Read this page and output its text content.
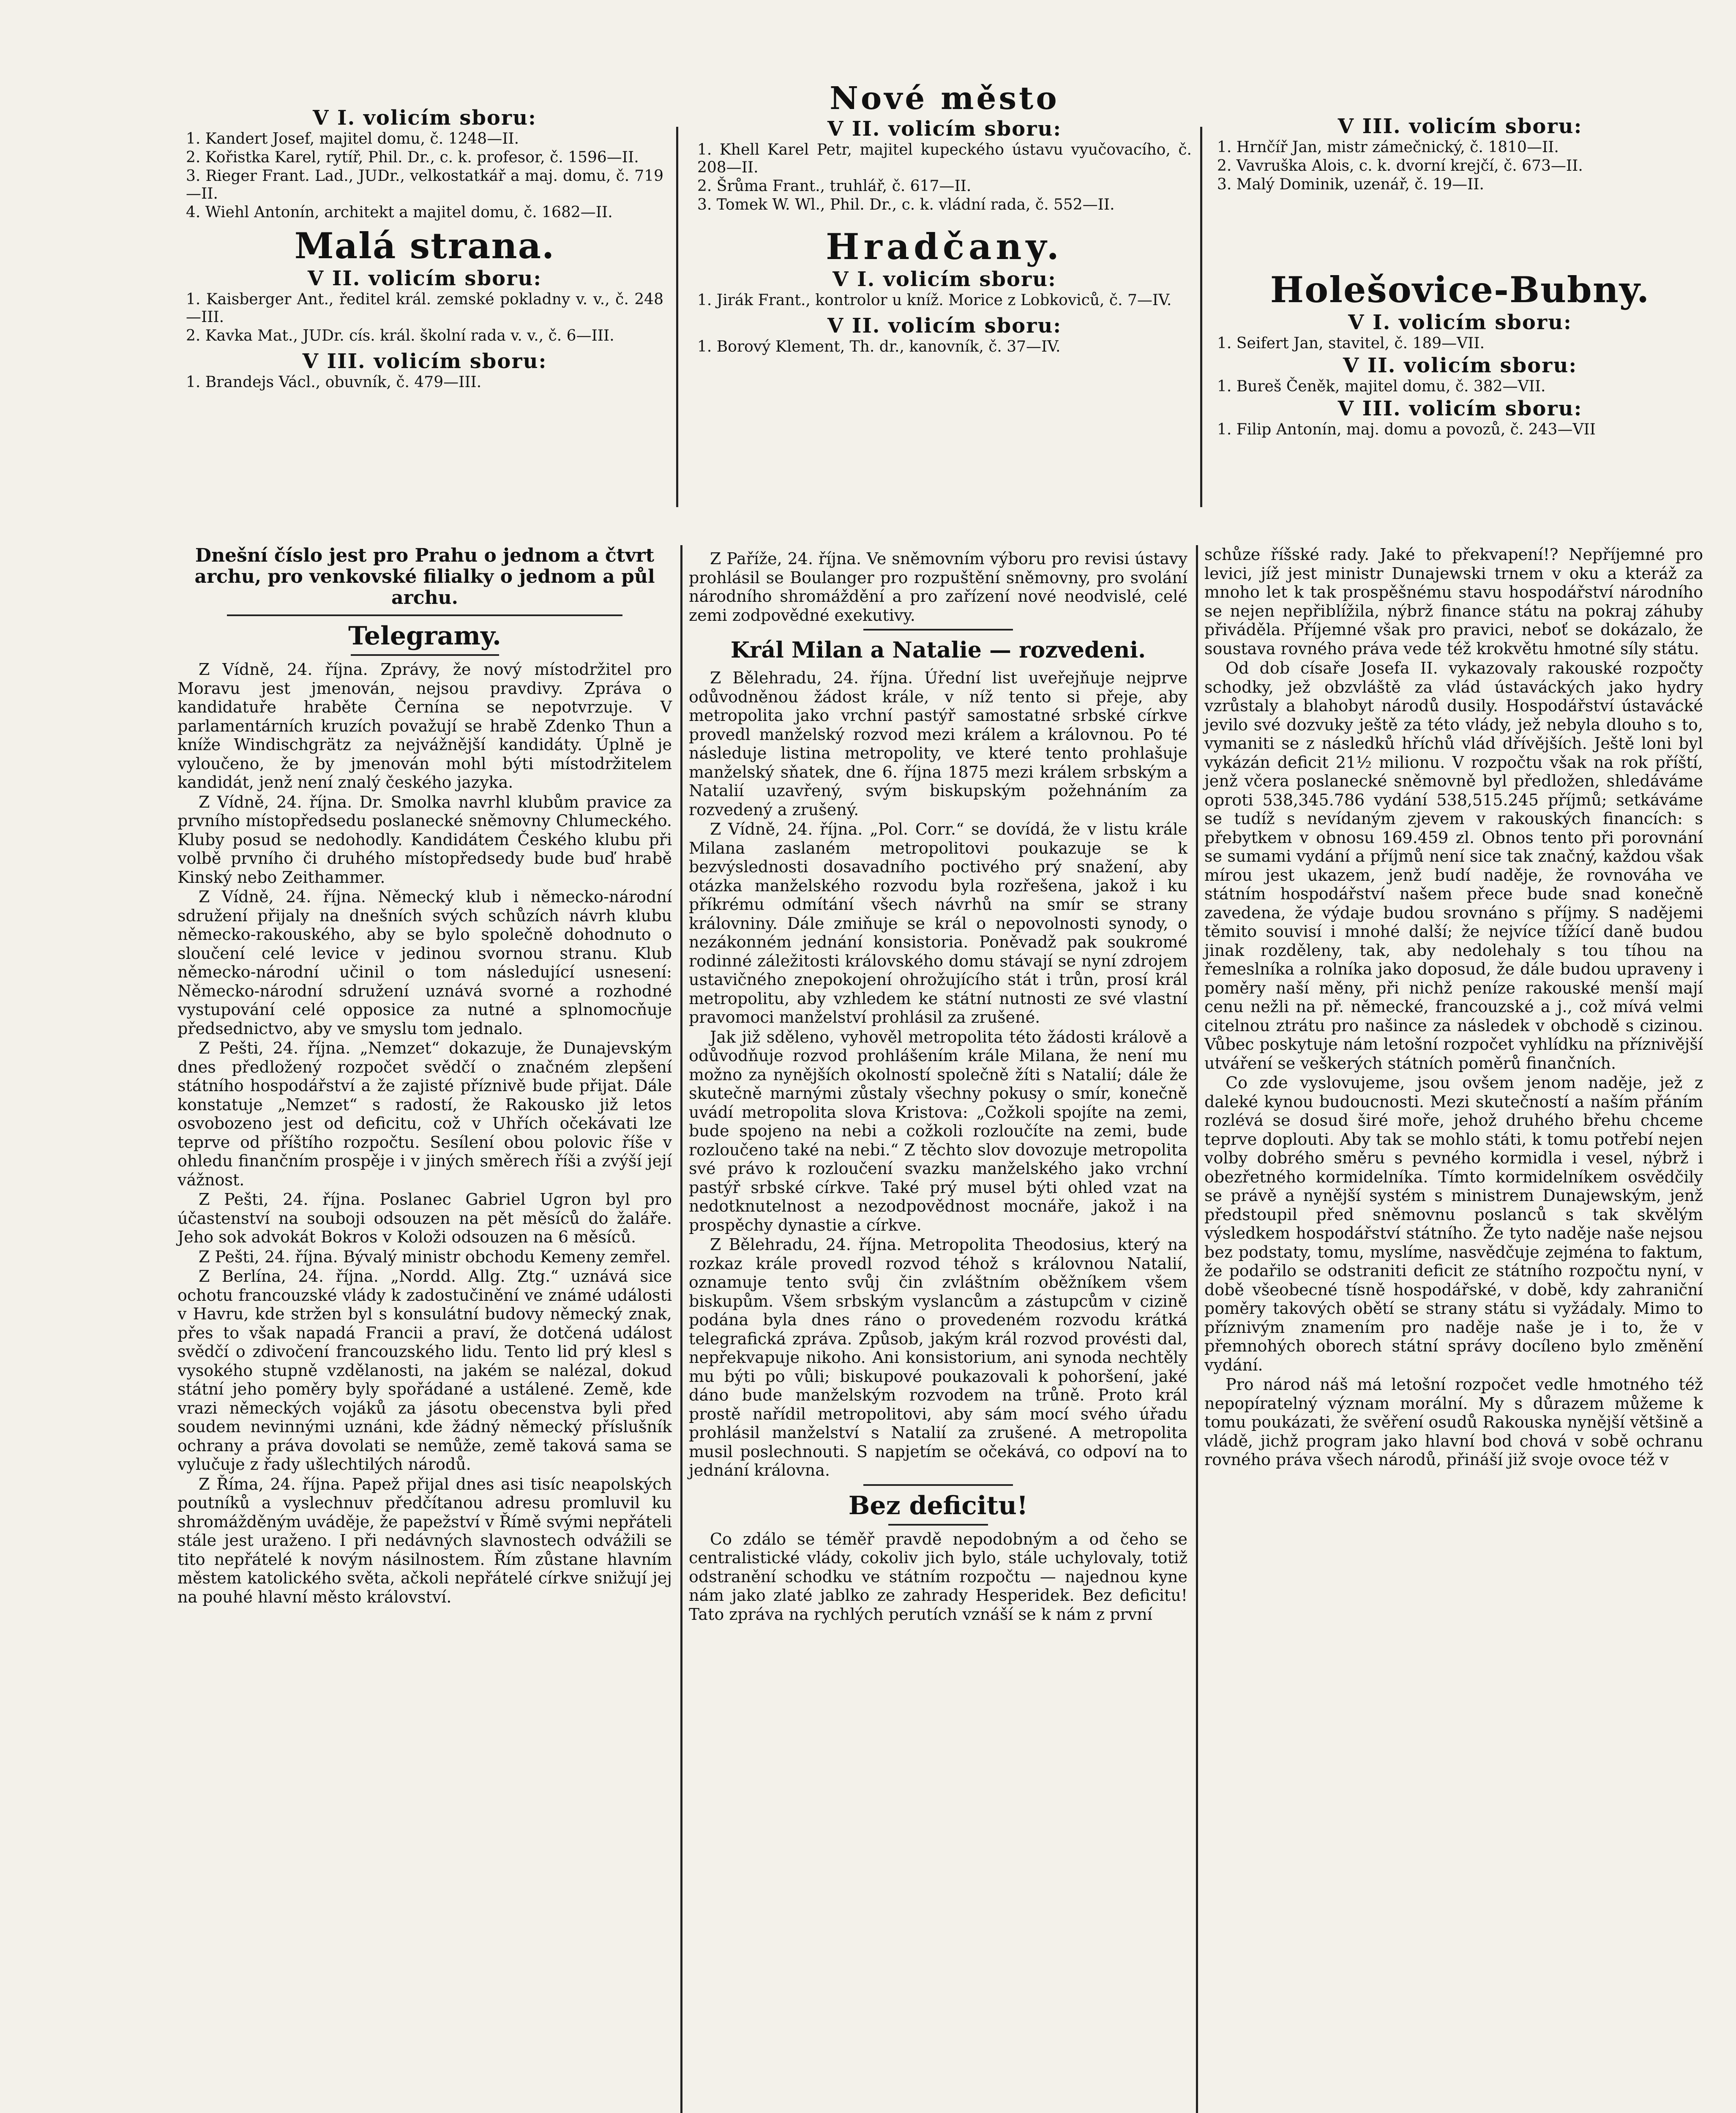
V I. volicím sboru:
1. Kandert Josef, majitel domu, č. 1248—II.
2. Kořistka Karel, rytíř, Phil. Dr., c. k. profesor, č. 1596—II.
3. Rieger Frant. Lad., JUDr., velkostatkář a maj. domu, č. 719—II.
4. Wiehl Antonín, architekt a majitel domu, č. 1682—II.
Malá strana.
V II. volicím sboru:
1. Kaisberger Ant., ředitel král. zemské pokladny v. v., č. 248—III.
2. Kavka Mat., JUDr. cís. král. školní rada v. v., č. 6—III.
V III. volicím sboru:
1. Brandejs Václ., obuvník, č. 479—III.
Nové město
V II. volicím sboru:
1. Khell Karel Petr, majitel kupeckého ústavu vyučovacího, č. 208—II.
2. Šrůma Frant., truhlář, č. 617—II.
3. Tomek W. Wl., Phil. Dr., c. k. vládní rada, č. 552—II.
Hradčany.
V I. volicím sboru:
1. Jirák Frant., kontrolor u kníž. Morice z Lobkoviců, č. 7—IV.
V II. volicím sboru:
1. Borový Klement, Th. dr., kanovník, č. 37—IV.
V III. volicím sboru:
1. Hrnčíř Jan, mistr zámečnický, č. 1810—II.
2. Vavruška Alois, c. k. dvorní krejčí, č. 673—II.
3. Malý Dominik, uzenář, č. 19—II.
Holešovice-Bubny.
V I. volicím sboru:
1. Seifert Jan, stavitel, č. 189—VII.
V II. volicím sboru:
1. Bureš Čeněk, majitel domu, č. 382—VII.
V III. volicím sboru:
1. Filip Antonín, maj. domu a povozů, č. 243—VII

Dnešní číslo jest pro Prahu o jednom a čtvrt archu, pro venkovské filialky o jednom a půl archu.

Telegramy.

Z Vídně, 24. října. Zprávy, že nový místodržitel pro Moravu jest jmenován, nejsou pravdivy. Zpráva o kandidatuře hraběte Černína se nepotvrzuje. V parlamentárních kruzích považují se hrabě Zdenko Thun a kníže Windischgrätz za nejvážnější kandidáty. Úplně je vyloučeno, že by jmenován mohl býti místodržitelem kandidát, jenž není znalý českého jazyka.

Z Vídně, 24. října. Dr. Smolka navrhl klubům pravice za prvního místopředsedu poslanecké sněmovny Chlumeckého. Kluby posud se nedohodly. Kandidátem Českého klubu při volbě prvního či druhého místopředsedy bude buď hrabě Kinský nebo Zeithammer.

Z Vídně, 24. října. Německý klub i německo-národní sdružení přijaly na dnešních svých schůzích návrh klubu německo-rakouského, aby se bylo společně dohodnuto o sloučení celé levice v jedinou svornou stranu. Klub německo-národní učinil o tom následující usnesení: Německo-národní sdružení uznává svorné a rozhodné vystupování celé opposice za nutné a splnomocňuje předsednictvo, aby ve smyslu tom jednalo.

Z Pešti, 24. října. „Nemzet“ dokazuje, že Dunajevským dnes předložený rozpočet svědčí o značném zlepšení státního hospodářství a že zajisté příznivě bude přijat. Dále konstatuje „Nemzet“ s radostí, že Rakousko již letos osvobozeno jest od deficitu, což v Uhřích očekávati lze teprve od příštího rozpočtu. Sesílení obou polovic říše v ohledu finančním prospěje i v jiných směrech říši a zvýší její vážnost.

Z Pešti, 24. října. Poslanec Gabriel Ugron byl pro účastenství na souboji odsouzen na pět měsíců do žaláře. Jeho sok advokát Bokros v Koloži odsouzen na 6 měsíců.

Z Pešti, 24. října. Bývalý ministr obchodu Kemeny zemřel.

Z Berlína, 24. října. „Nordd. Allg. Ztg.“ uznává sice ochotu francouzské vlády k zadostučinění ve známé události v Havru, kde stržen byl s konsulátní budovy německý znak, přes to však napadá Francii a praví, že dotčená událost svědčí o zdivočení francouzského lidu. Tento lid prý klesl s vysokého stupně vzdělanosti, na jakém se nalézal, dokud státní jeho poměry byly spořádané a ustálené. Země, kde vrazi německých vojáků za jásotu obecenstva byli před soudem nevinnými uznáni, kde žádný německý příslušník ochrany a práva dovolati se nemůže, země taková sama se vylučuje z řady ušlechtilých národů.

Z Říma, 24. října. Papež přijal dnes asi tisíc neapolských poutníků a vyslechnuv předčítanou adresu promluvil ku shromážděným uváděje, že papežství v Římě svými nepřáteli stále jest uraženo. I při nedávných slavnostech odvážili se tito nepřátelé k novým násilnostem. Řím zůstane hlavním městem katolického světa, ačkoli nepřátelé církve snižují jej na pouhé hlavní město království.

Z Paříže, 24. října. Ve sněmovním výboru pro revisi ústavy prohlásil se Boulanger pro rozpuštění sněmovny, pro svolání národního shromáždění a pro zařízení nové neodvislé, celé zemi zodpovědné exekutivy.

Král Milan a Natalie — rozvedeni.

Z Bělehradu, 24. října. Úřední list uveřejňuje nejprve odůvodněnou žádost krále, v níž tento si přeje, aby metropolita jako vrchní pastýř samostatné srbské církve provedl manželský rozvod mezi králem a královnou. Po té následuje listina metropolity, ve které tento prohlašuje manželský sňatek, dne 6. října 1875 mezi králem srbským a Natalií uzavřený, svým biskupským požehnáním za rozvedený a zrušený.

Z Vídně, 24. října. „Pol. Corr.“ se dovídá, že v listu krále Milana zaslaném metropolitovi poukazuje se k bezvýslednosti dosavadního poctivého prý snažení, aby otázka manželského rozvodu byla rozřešena, jakož i ku příkrému odmítání všech návrhů na smír se strany královniny. Dále zmiňuje se král o nepovolnosti synody, o nezákonném jednání konsistoria. Poněvadž pak soukromé rodinné záležitosti královského domu stávají se nyní zdrojem ustavičného znepokojení ohrožujícího stát i trůn, prosí král metropolitu, aby vzhledem ke státní nutnosti ze své vlastní pravomoci manželství prohlásil za zrušené.

Jak již sděleno, vyhověl metropolita této žádosti králově a odůvodňuje rozvod prohlášením krále Milana, že není mu možno za nynějších okolností společně žíti s Natalií; dále že skutečně marnými zůstaly všechny pokusy o smír, konečně uvádí metropolita slova Kristova: „Cožkoli spojíte na zemi, bude spojeno na nebi a cožkoli rozloučíte na zemi, bude rozloučeno také na nebi.“ Z těchto slov dovozuje metropolita své právo k rozloučení svazku manželského jako vrchní pastýř srbské církve. Také prý musel býti ohled vzat na nedotknutelnost a nezodpovědnost mocnáře, jakož i na prospěchy dynastie a církve.

Z Bělehradu, 24. října. Metropolita Theodosius, který na rozkaz krále provedl rozvod téhož s královnou Natalií, oznamuje tento svůj čin zvláštním oběžníkem všem biskupům. Všem srbským vyslancům a zástupcům v cizině podána byla dnes ráno o provedeném rozvodu krátká telegrafická zpráva. Způsob, jakým král rozvod provésti dal, nepřekvapuje nikoho. Ani konsistorium, ani synoda nechtěly mu býti po vůli; biskupové poukazovali k pohoršení, jaké dáno bude manželským rozvodem na trůně. Proto král prostě nařídil metropolitovi, aby sám mocí svého úřadu prohlásil manželství s Natalií za zrušené. A metropolita musil poslechnouti. S napjetím se očekává, co odpoví na to jednání královna.

Bez deficitu!

Co zdálo se téměř pravdě nepodobným a od čeho se centralistické vlády, cokoliv jich bylo, stále uchylovaly, totiž odstranění schodku ve státním rozpočtu — najednou kyne nám jako zlaté jablko ze zahrady Hesperidek. Bez deficitu! Tato zpráva na rychlých perutích vznáší se k nám z první

schůze říšské rady. Jaké to překvapení!? Nepříjemné pro levici, jíž jest ministr Dunajewski trnem v oku a kteráž za mnoho let k tak prospěšnému stavu hospodářství národního se nejen nepřiblížila, nýbrž finance státu na pokraj záhuby přiváděla. Příjemné však pro pravici, neboť se dokázalo, že soustava rovného práva vede též krokvětu hmotné síly státu.

Od dob císaře Josefa II. vykazovaly rakouské rozpočty schodky, jež obzvláště za vlád ústaváckých jako hydry vzrůstaly a blahobyt národů dusily. Hospodářství ústavácké jevilo své dozvuky ještě za této vlády, jež nebyla dlouho s to, vymaniti se z následků hříchů vlád dřívějších. Ještě loni byl vykázán deficit 21½ milionu. V rozpočtu však na rok příští, jenž včera poslanecké sněmovně byl předložen, shledáváme oproti 538,345.786 vydání 538,515.245 příjmů; setkáváme se tudíž s nevídaným zjevem v rakouských financích: s přebytkem v obnosu 169.459 zl. Obnos tento při porovnání se sumami vydání a příjmů není sice tak značný, každou však mírou jest ukazem, jenž budí naděje, že rovnováha ve státním hospodářství našem přece bude snad konečně zavedena, že výdaje budou srovnáno s příjmy. S nadějemi těmito souvisí i mnohé další; že nejvíce tížící daně budou jinak rozděleny, tak, aby nedolehaly s tou tíhou na řemeslníka a rolníka jako doposud, že dále budou upraveny i poměry naší měny, při nichž peníze rakouské menší mají cenu nežli na př. německé, francouzské a j., což mívá velmi citelnou ztrátu pro našince za následek v obchodě s cizinou. Vůbec poskytuje nám letošní rozpočet vyhlídku na příznivější utváření se veškerých státních poměrů finančních.

Co zde vyslovujeme, jsou ovšem jenom naděje, jež z daleké kynou budoucnosti. Mezi skutečností a naším přáním rozlévá se dosud širé moře, jehož druhého břehu chceme teprve doplouti. Aby tak se mohlo státi, k tomu potřebí nejen volby dobrého směru s pevného kormidla i vesel, nýbrž i obezřetného kormidelníka. Tímto kormidelníkem osvědčily se právě a nynější systém s ministrem Dunajewským, jenž předstoupil před sněmovnu poslanců s tak skvělým výsledkem hospodářství státního. Že tyto naděje naše nejsou bez podstaty, tomu, myslíme, nasvědčuje zejména to faktum, že podařilo se odstraniti deficit ze státního rozpočtu nyní, v době všeobecné tísně hospodářské, v době, kdy zahraniční poměry takových obětí se strany státu si vyžádaly. Mimo to příznivým znamením pro naděje naše je i to, že v přemnohých oborech státní správy docíleno bylo změnění vydání.

Pro národ náš má letošní rozpočet vedle hmotného též nepopíratelný význam morální. My s důrazem můžeme k tomu poukázati, že svěření osudů Rakouska nynější většině a vládě, jichž program jako hlavní bod chová v sobě ochranu rovného práva všech národů, přináší již svoje ovoce též v
